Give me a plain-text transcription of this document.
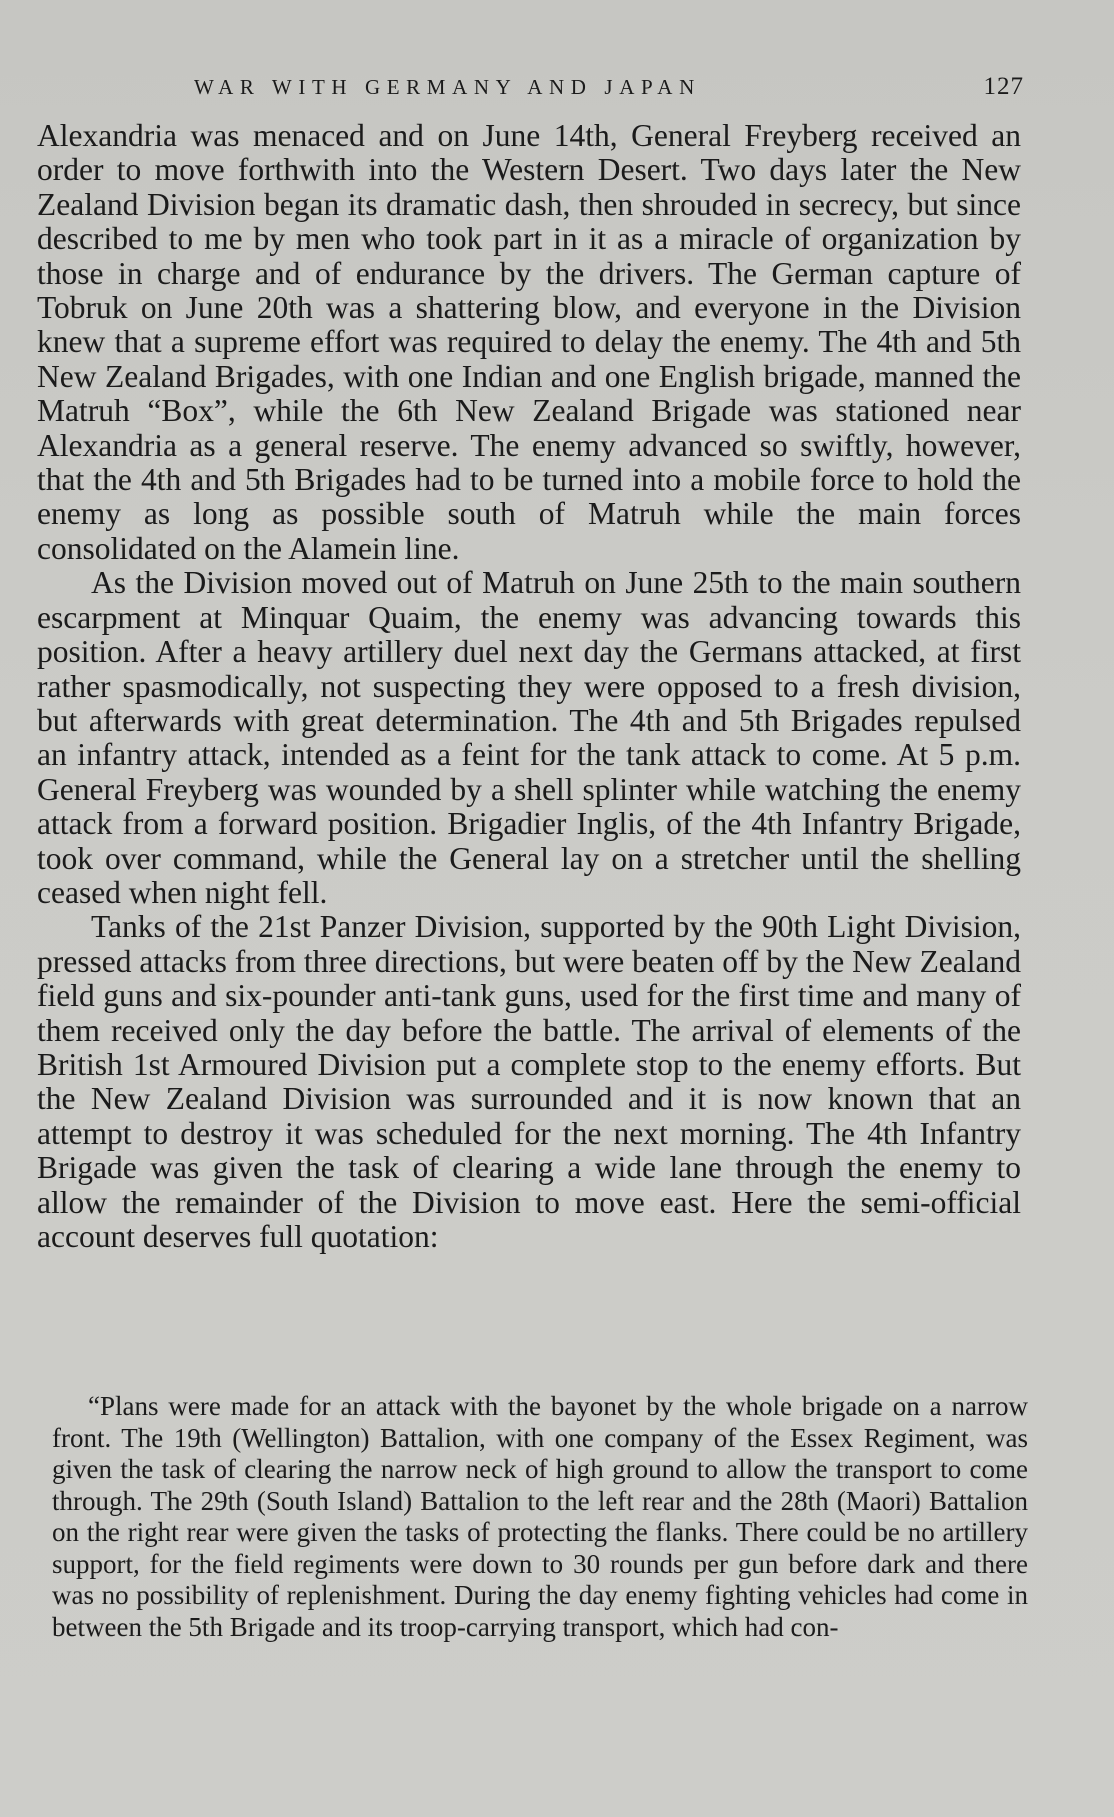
WAR WITH GERMANY AND JAPAN	127

Alexandria was menaced and on June 14th, General Freyberg received an order to move forthwith into the Western Desert. Two days later the New Zealand Division began its dramatic dash, then shrouded in secrecy, but since described to me by men who took part in it as a miracle of organization by those in charge and of endurance by the drivers. The German capture of Tobruk on June 20th was a shattering blow, and everyone in the Division knew that a supreme effort was required to delay the enemy. The 4th and 5th New Zealand Brigades, with one Indian and one English brigade, manned the Matruh “Box”, while the 6th New Zealand Brigade was stationed near Alexandria as a general reserve. The enemy advanced so swiftly, however, that the 4th and 5th Brigades had to be turned into a mobile force to hold the enemy as long as possible south of Matruh while the main forces consolidated on the Alamein line.

As the Division moved out of Matruh on June 25th to the main southern escarpment at Minquar Quaim, the enemy was advancing towards this position. After a heavy artillery duel next day the Germans attacked, at first rather spasmodically, not suspecting they were opposed to a fresh division, but afterwards with great determination. The 4th and 5th Brigades repulsed an infantry attack, intended as a feint for the tank attack to come. At 5 p.m. General Freyberg was wounded by a shell splinter while watching the enemy attack from a forward position. Brigadier Inglis, of the 4th Infantry Brigade, took over command, while the General lay on a stretcher until the shelling ceased when night fell.

Tanks of the 21st Panzer Division, supported by the 90th Light Division, pressed attacks from three directions, but were beaten off by the New Zealand field guns and six-pounder anti-tank guns, used for the first time and many of them received only the day before the battle. The arrival of elements of the British 1st Armoured Division put a complete stop to the enemy efforts. But the New Zealand Division was surrounded and it is now known that an attempt to destroy it was scheduled for the next morning. The 4th Infantry Brigade was given the task of clearing a wide lane through the enemy to allow the remainder of the Division to move east. Here the semi-official account deserves full quotation:

“Plans were made for an attack with the bayonet by the whole brigade on a narrow front. The 19th (Wellington) Battalion, with one company of the Essex Regiment, was given the task of clearing the narrow neck of high ground to allow the transport to come through. The 29th (South Island) Battalion to the left rear and the 28th (Maori) Battalion on the right rear were given the tasks of protecting the flanks. There could be no artillery support, for the field regiments were down to 30 rounds per gun before dark and there was no possibility of replenishment. During the day enemy fighting vehicles had come in between the 5th Brigade and its troop-carrying transport, which had con-
